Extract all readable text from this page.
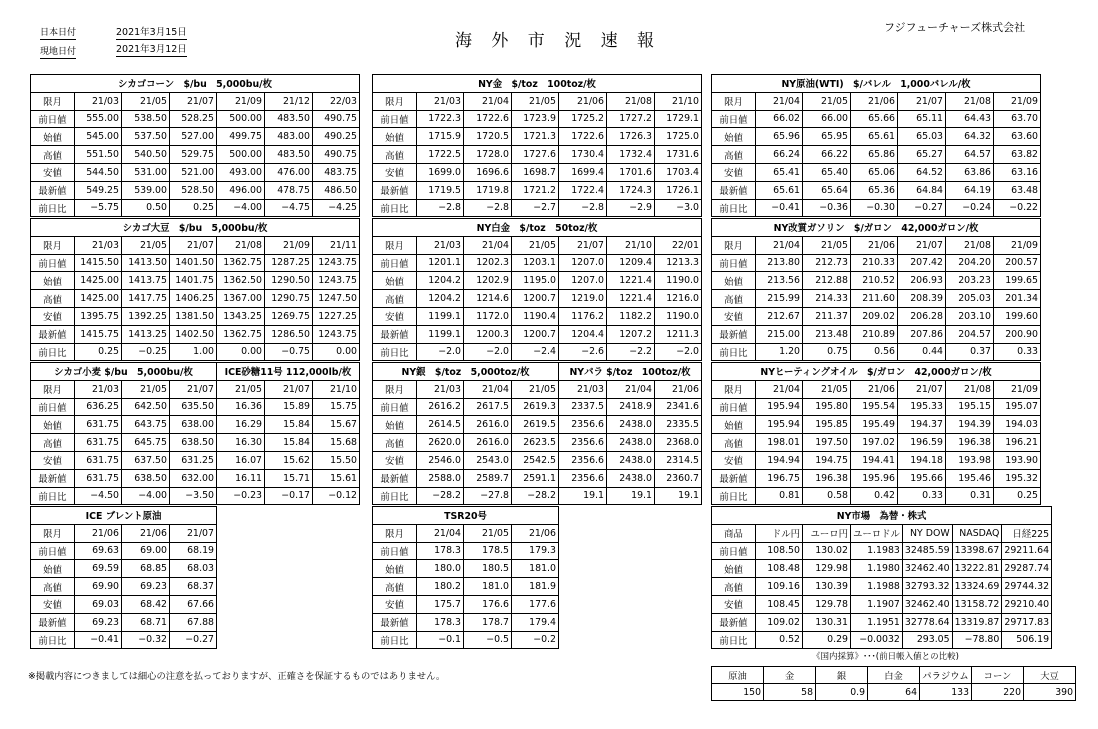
日本日付	2021年3月15日
現地日付	2021年3月12日	海 外 市 況 速 報
フジフューチャーズ株式会社
シカゴコーン　$/bu　5,000bu/枚						
限月	21/03	21/05	21/07	21/09	21/12	22/03
前日値	555.00	538.50	528.25	500.00	483.50	490.75
始値	545.00	537.50	527.00	499.75	483.00	490.25
高値	551.50	540.50	529.75	500.00	483.50	490.75
安値	544.50	531.00	521.00	493.00	476.00	483.75
最新値	549.25	539.00	528.50	496.00	478.75	486.50
前日比	−5.75	0.50	0.25	−4.00	−4.75	−4.25
NY金　$/toz　100toz/枚						
限月	21/03	21/04	21/05	21/06	21/08	21/10
前日値	1722.3	1722.6	1723.9	1725.2	1727.2	1729.1
始値	1715.9	1720.5	1721.3	1722.6	1726.3	1725.0
高値	1722.5	1728.0	1727.6	1730.4	1732.4	1731.6
安値	1699.0	1696.6	1698.7	1699.4	1701.6	1703.4
最新値	1719.5	1719.8	1721.2	1722.4	1724.3	1726.1
前日比	−2.8	−2.8	−2.7	−2.8	−2.9	−3.0
NY原油(WTI)　$/バレル　1,000バレル/枚						
限月	21/04	21/05	21/06	21/07	21/08	21/09
前日値	66.02	66.00	65.66	65.11	64.43	63.70
始値	65.96	65.95	65.61	65.03	64.32	63.60
高値	66.24	66.22	65.86	65.27	64.57	63.82
安値	65.41	65.40	65.06	64.52	63.86	63.16
最新値	65.61	65.64	65.36	64.84	64.19	63.48
前日比	−0.41	−0.36	−0.30	−0.27	−0.24	−0.22
シカゴ大豆　$/bu　5,000bu/枚						
限月	21/03	21/05	21/07	21/08	21/09	21/11
前日値	1415.50	1413.50	1401.50	1362.75	1287.25	1243.75
始値	1425.00	1413.75	1401.75	1362.50	1290.50	1243.75
高値	1425.00	1417.75	1406.25	1367.00	1290.75	1247.50
安値	1395.75	1392.25	1381.50	1343.25	1269.75	1227.25
最新値	1415.75	1413.25	1402.50	1362.75	1286.50	1243.75
前日比	0.25	−0.25	1.00	0.00	−0.75	0.00
NY白金　$/toz　50toz/枚						
限月	21/03	21/04	21/05	21/07	21/10	22/01
前日値	1201.1	1202.3	1203.1	1207.0	1209.4	1213.3
始値	1204.2	1202.9	1195.0	1207.0	1221.4	1190.0
高値	1204.2	1214.6	1200.7	1219.0	1221.4	1216.0
安値	1199.1	1172.0	1190.4	1176.2	1182.2	1190.0
最新値	1199.1	1200.3	1200.7	1204.4	1207.2	1211.3
前日比	−2.0	−2.0	−2.4	−2.6	−2.2	−2.0
NY改質ガソリン　$/ガロン　42,000ガロン/枚						
限月	21/04	21/05	21/06	21/07	21/08	21/09
前日値	213.80	212.73	210.33	207.42	204.20	200.57
始値	213.56	212.88	210.52	206.93	203.23	199.65
高値	215.99	214.33	211.60	208.39	205.03	201.34
安値	212.67	211.37	209.02	206.28	203.10	199.60
最新値	215.00	213.48	210.89	207.86	204.57	200.90
前日比	1.20	0.75	0.56	0.44	0.37	0.33
シカゴ小麦 $/bu　5,000bu/枚				ICE砂糖11号 112,000lb/枚		
限月	21/03	21/05	21/07	21/05	21/07	21/10
前日値	636.25	642.50	635.50	16.36	15.89	15.75
始値	631.75	643.75	638.00	16.29	15.84	15.67
高値	631.75	645.75	638.50	16.30	15.84	15.68
安値	631.75	637.50	631.25	16.07	15.62	15.50
最新値	631.75	638.50	632.00	16.11	15.71	15.61
前日比	−4.50	−4.00	−3.50	−0.23	−0.17	−0.12
NY銀　$/toz　5,000toz/枚				NYパラ $/toz　100toz/枚		
限月	21/03	21/04	21/05	21/03	21/04	21/06
前日値	2616.2	2617.5	2619.3	2337.5	2418.9	2341.6
始値	2614.5	2616.0	2619.5	2356.6	2438.0	2335.5
高値	2620.0	2616.0	2623.5	2356.6	2438.0	2368.0
安値	2546.0	2543.0	2542.5	2356.6	2438.0	2314.5
最新値	2588.0	2589.7	2591.1	2356.6	2438.0	2360.7
前日比	−28.2	−27.8	−28.2	19.1	19.1	19.1
NYヒーティングオイル　$/ガロン　42,000ガロン/枚						
限月	21/04	21/05	21/06	21/07	21/08	21/09
前日値	195.94	195.80	195.54	195.33	195.15	195.07
始値	195.94	195.85	195.49	194.37	194.39	194.03
高値	198.01	197.50	197.02	196.59	196.38	196.21
安値	194.94	194.75	194.41	194.18	193.98	193.90
最新値	196.75	196.38	195.96	195.66	195.46	195.32
前日比	0.81	0.58	0.42	0.33	0.31	0.25
ICE ブレント原油			
限月	21/06	21/06	21/07
前日値	69.63	69.00	68.19
始値	69.59	68.85	68.03
高値	69.90	69.23	68.37
安値	69.03	68.42	67.66
最新値	69.23	68.71	67.88
前日比	−0.41	−0.32	−0.27
TSR20号			
限月	21/04	21/05	21/06
前日値	178.3	178.5	179.3
始値	180.0	180.5	181.0
高値	180.2	181.0	181.9
安値	175.7	176.6	177.6
最新値	178.3	178.7	179.4
前日比	−0.1	−0.5	−0.2
NY市場　為替・株式						
商品	ドル円	ユーロ円	ユーロドル	NY DOW	NASDAQ	日経225
前日値	108.50	130.02	1.1983	32485.59	13398.67	29211.64
始値	108.48	129.98	1.1980	32462.40	13222.81	29287.74
高値	109.16	130.39	1.1988	32793.32	13324.69	29744.32
安値	108.45	129.78	1.1907	32462.40	13158.72	29210.40
最新値	109.02	130.31	1.1951	32778.64	13319.87	29717.83
前日比	0.52	0.29	−0.0032	293.05	−78.80	506.19
《国内採算》･･･(前日帳入値との比較)
原油	金	銀	白金	パラジウム	コーン	大豆
150	58	0.9	64	133	220	390
※掲載内容につきましては細心の注意を払っておりますが、正確さを保証するものではありません。
